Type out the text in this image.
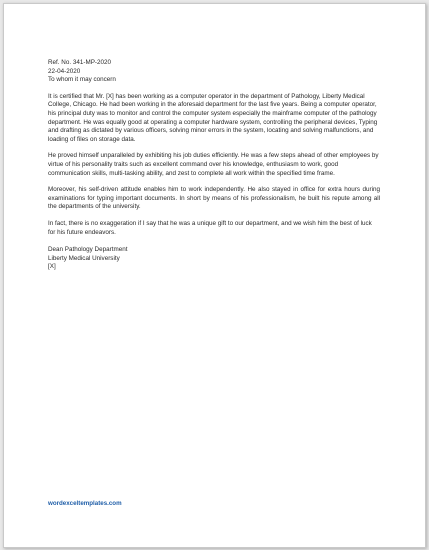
Ref. No. 341-MP-2020

22-04-2020

To whom it may concern

It is certified that Mr. [X] has been working as a computer operator in the department of Pathology, Liberty Medical College, Chicago. He had been working in the aforesaid department for the last five years. Being a computer operator, his principal duty was to monitor and control the computer system especially the mainframe computer of the pathology department. He was equally good at operating a computer hardware system, controlling the peripheral devices, Typing and drafting as dictated by various officers, solving minor errors in the system, locating and solving malfunctions, and loading of files on storage data.

He proved himself unparalleled by exhibiting his job duties efficiently. He was a few steps ahead of other employees by virtue of his personality traits such as excellent command over his knowledge, enthusiasm to work, good communication skills, multi-tasking ability, and zest to complete all work within the specified time frame.

Moreover, his self-driven attitude enables him to work independently. He also stayed in office for extra hours during examinations for typing important documents. In short by means of his professionalism, he built his repute among all the departments of the university.

In fact, there is no exaggeration if I say that he was a unique gift to our department, and we wish him the best of luck for his future endeavors.

Dean Pathology Department

Liberty Medical University

[X]

wordexceltemplates.com
